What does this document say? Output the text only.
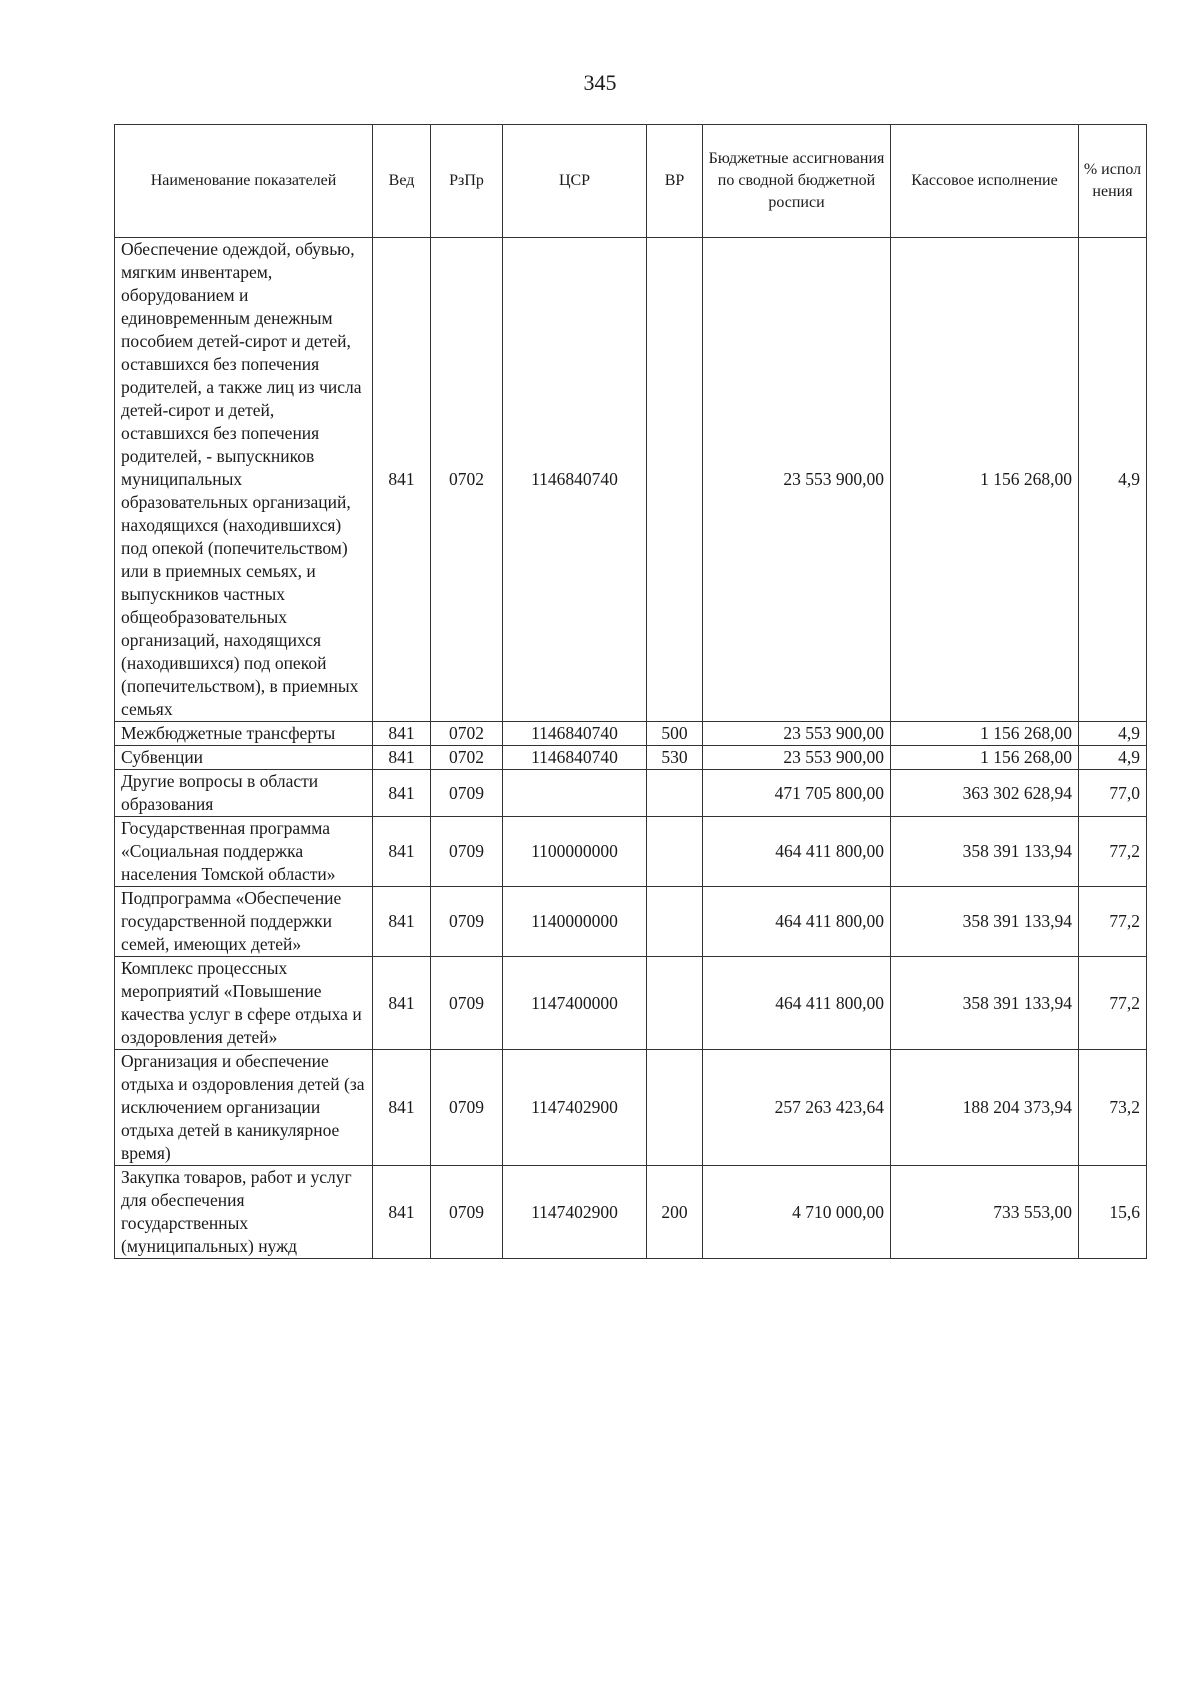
345
Наименование показателей	Вед	РзПр	ЦСР	ВР	Бюджетные ассигнования по сводной бюджетной росписи	Кассовое исполнение	% испол нения
Обеспечение одеждой, обувью, мягким инвентарем, оборудованием и единовременным денежным пособием детей-сирот и детей, оставшихся без попечения родителей, а также лиц из числа детей-сирот и детей, оставшихся без попечения родителей, - выпускников муниципальных образовательных организаций, находящихся (находившихся) под опекой (попечительством) или в приемных семьях, и выпускников частных общеобразовательных организаций, находящихся (находившихся) под опекой (попечительством), в приемных семьях	841	0702	1146840740		23 553 900,00	1 156 268,00	4,9
Межбюджетные трансферты	841	0702	1146840740	500	23 553 900,00	1 156 268,00	4,9
Субвенции	841	0702	1146840740	530	23 553 900,00	1 156 268,00	4,9
Другие вопросы в области образования	841	0709			471 705 800,00	363 302 628,94	77,0
Государственная программа «Социальная поддержка населения Томской области»	841	0709	1100000000		464 411 800,00	358 391 133,94	77,2
Подпрограмма «Обеспечение государственной поддержки семей, имеющих детей»	841	0709	1140000000		464 411 800,00	358 391 133,94	77,2
Комплекс процессных мероприятий «Повышение качества услуг в сфере отдыха и оздоровления детей»	841	0709	1147400000		464 411 800,00	358 391 133,94	77,2
Организация и обеспечение отдыха и оздоровления детей (за исключением организации отдыха детей в каникулярное время)	841	0709	1147402900		257 263 423,64	188 204 373,94	73,2
Закупка товаров, работ и услуг для обеспечения государственных (муниципальных) нужд	841	0709	1147402900	200	4 710 000,00	733 553,00	15,6
